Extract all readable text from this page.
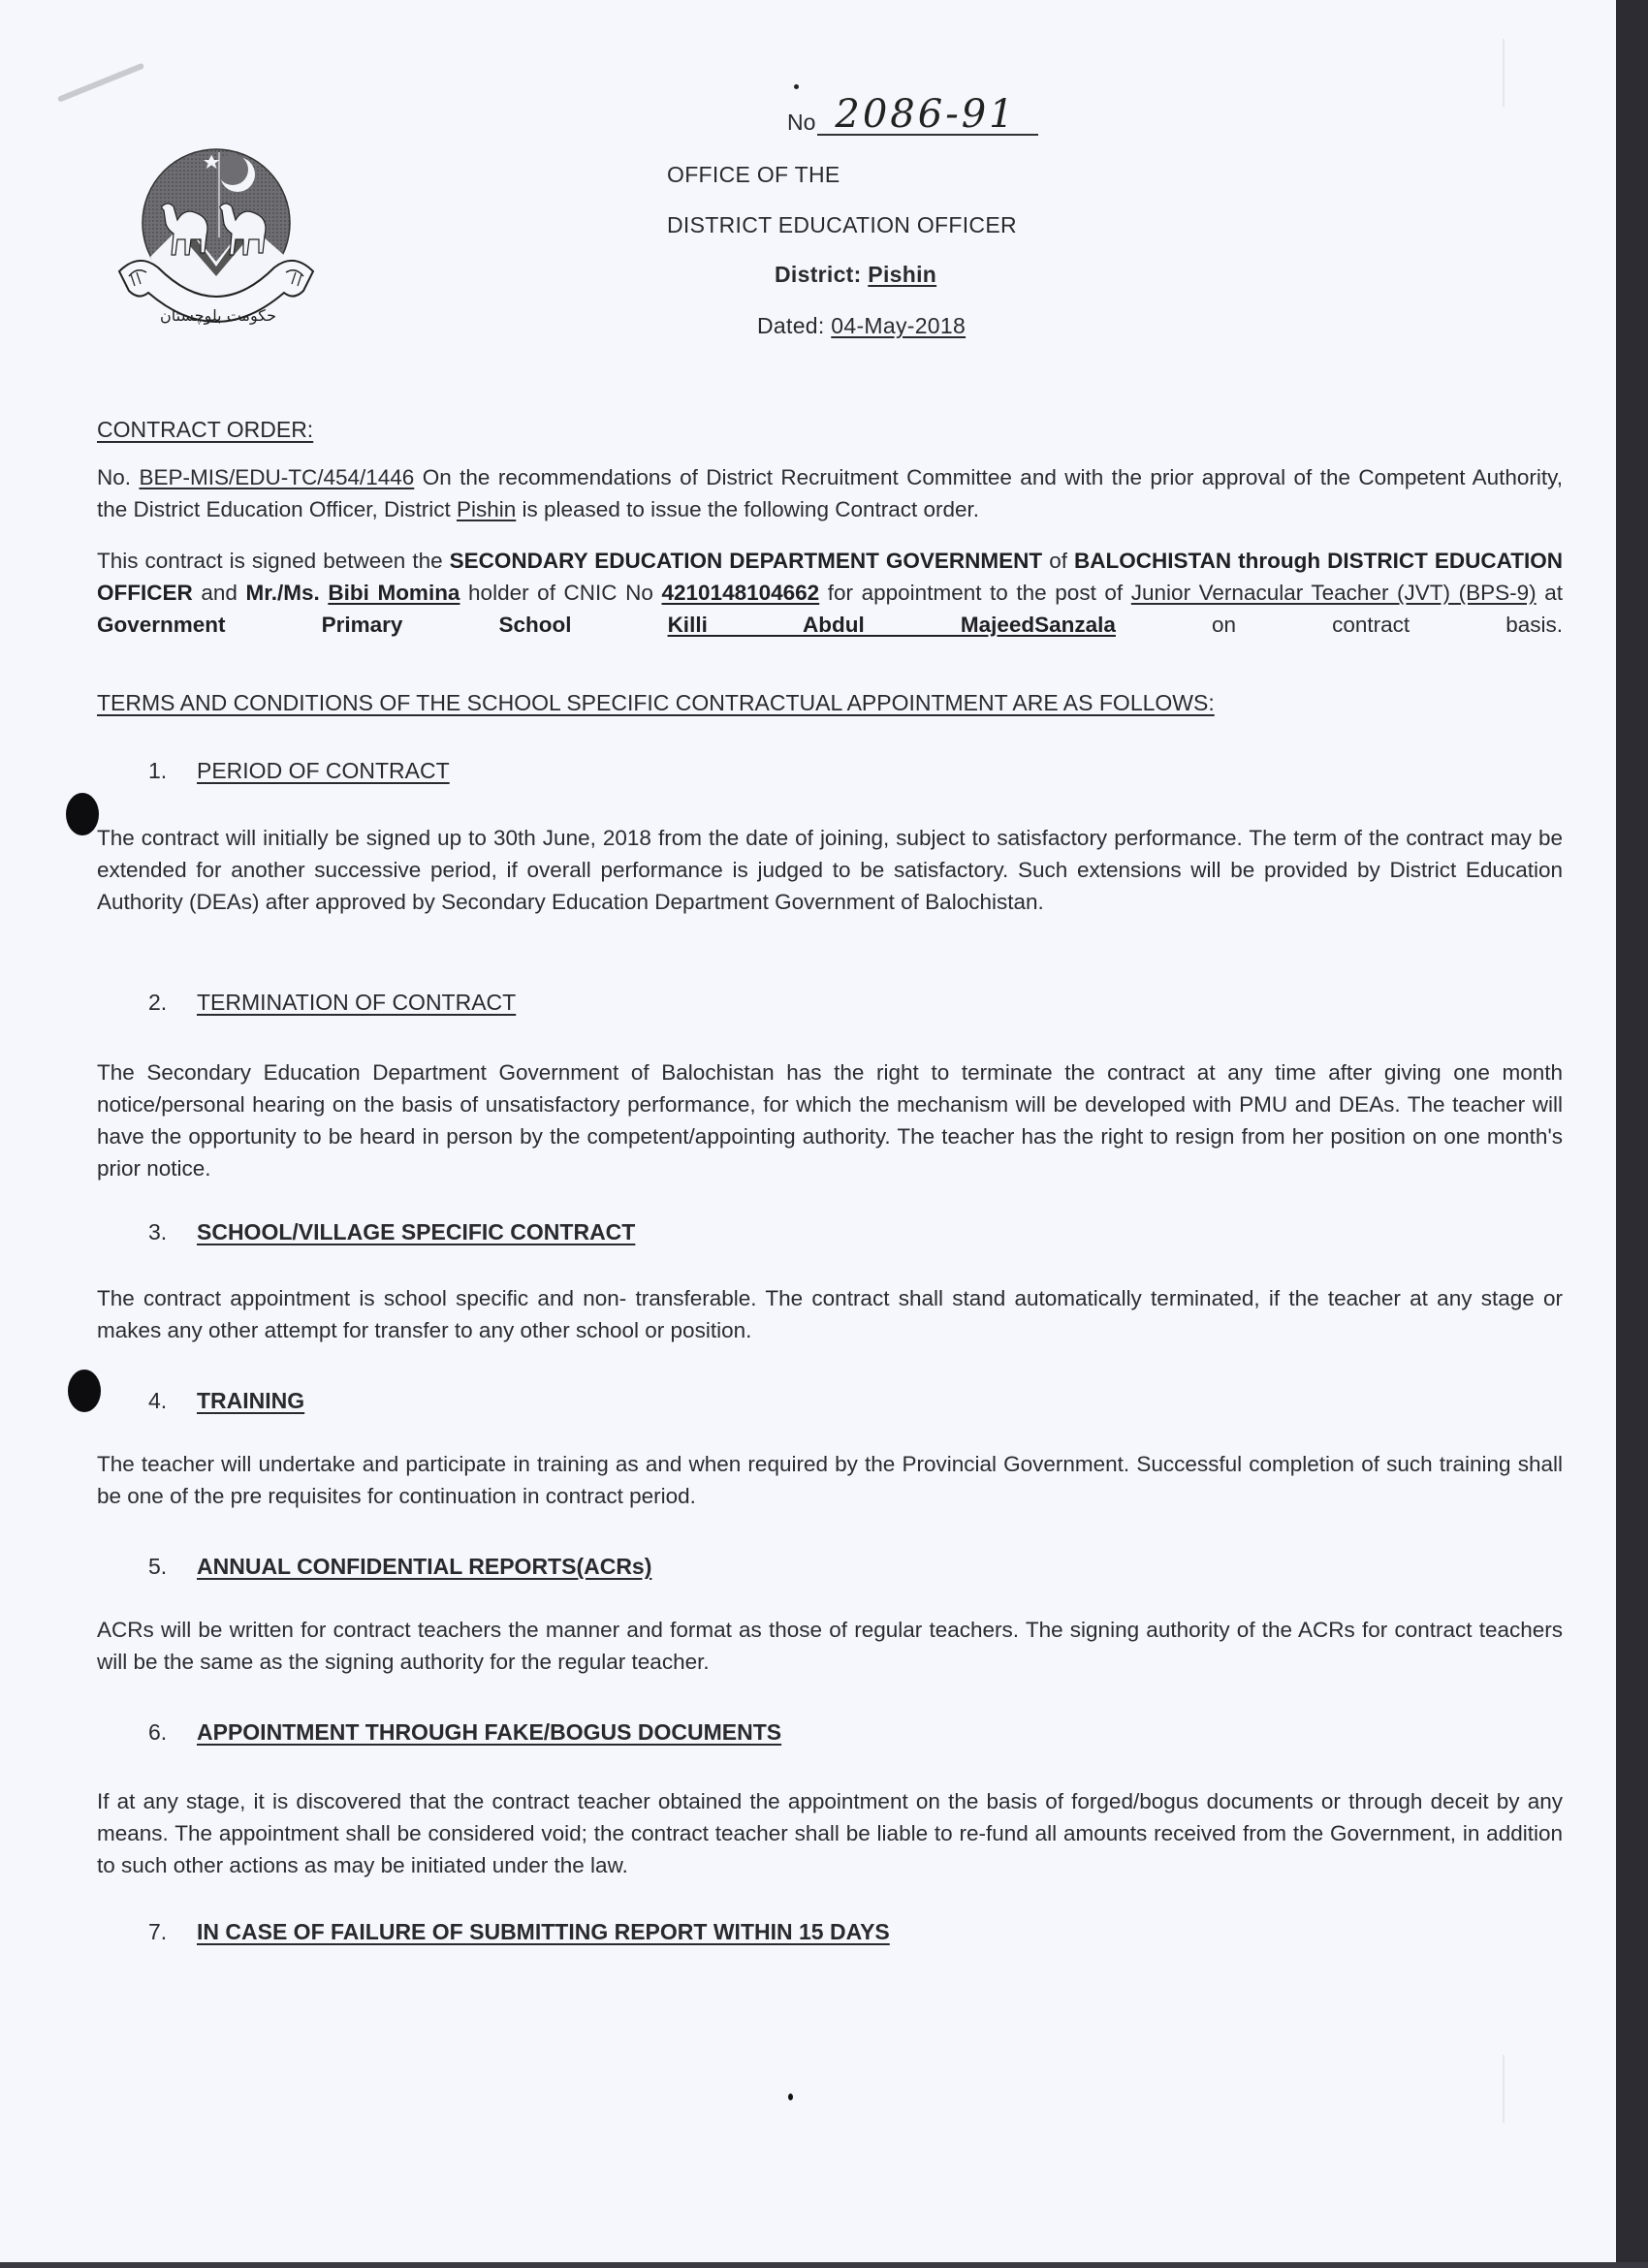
حکومت بلوچستان
No 2086-91
OFFICE OF THE
DISTRICT EDUCATION OFFICER
District: Pishin
Dated: 04-May-2018
CONTRACT ORDER:
No. BEP-MIS/EDU-TC/454/1446 On the recommendations of District Recruitment Committee and with the prior approval of the Competent Authority, the District Education Officer, District Pishin is pleased to issue the following Contract order.
This contract is signed between the SECONDARY EDUCATION DEPARTMENT GOVERNMENT of BALOCHISTAN through DISTRICT EDUCATION OFFICER and Mr./Ms. Bibi Momina holder of CNIC No 4210148104662 for appointment to the post of Junior Vernacular Teacher (JVT) (BPS-9) at Government Primary School Killi Abdul MajeedSanzala on contract basis.
TERMS AND CONDITIONS OF THE SCHOOL SPECIFIC CONTRACTUAL APPOINTMENT ARE AS FOLLOWS:
1.	PERIOD OF CONTRACT
The contract will initially be signed up to 30th June, 2018 from the date of joining, subject to satisfactory performance. The term of the contract may be extended for another successive period, if overall performance is judged to be satisfactory. Such extensions will be provided by District Education Authority (DEAs) after approved by Secondary Education Department Government of Balochistan.
2.	TERMINATION OF CONTRACT
The Secondary Education Department Government of Balochistan has the right to terminate the contract at any time after giving one month notice/personal hearing on the basis of unsatisfactory performance, for which the mechanism will be developed with PMU and DEAs. The teacher will have the opportunity to be heard in person by the competent/appointing authority. The teacher has the right to resign from her position on one month's prior notice.
3.	SCHOOL/VILLAGE SPECIFIC CONTRACT
The contract appointment is school specific and non- transferable. The contract shall stand automatically terminated, if the teacher at any stage or makes any other attempt for transfer to any other school or position.
4.	TRAINING
The teacher will undertake and participate in training as and when required by the Provincial Government. Successful completion of such training shall be one of the pre requisites for continuation in contract period.
5.	ANNUAL CONFIDENTIAL REPORTS(ACRs)
ACRs will be written for contract teachers the manner and format as those of regular teachers. The signing authority of the ACRs for contract teachers will be the same as the signing authority for the regular teacher.
6.	APPOINTMENT THROUGH FAKE/BOGUS DOCUMENTS
If at any stage, it is discovered that the contract teacher obtained the appointment on the basis of forged/bogus documents or through deceit by any means. The appointment shall be considered void; the contract teacher shall be liable to re-fund all amounts received from the Government, in addition to such other actions as may be initiated under the law.
7.	IN CASE OF FAILURE OF SUBMITTING REPORT WITHIN 15 DAYS
